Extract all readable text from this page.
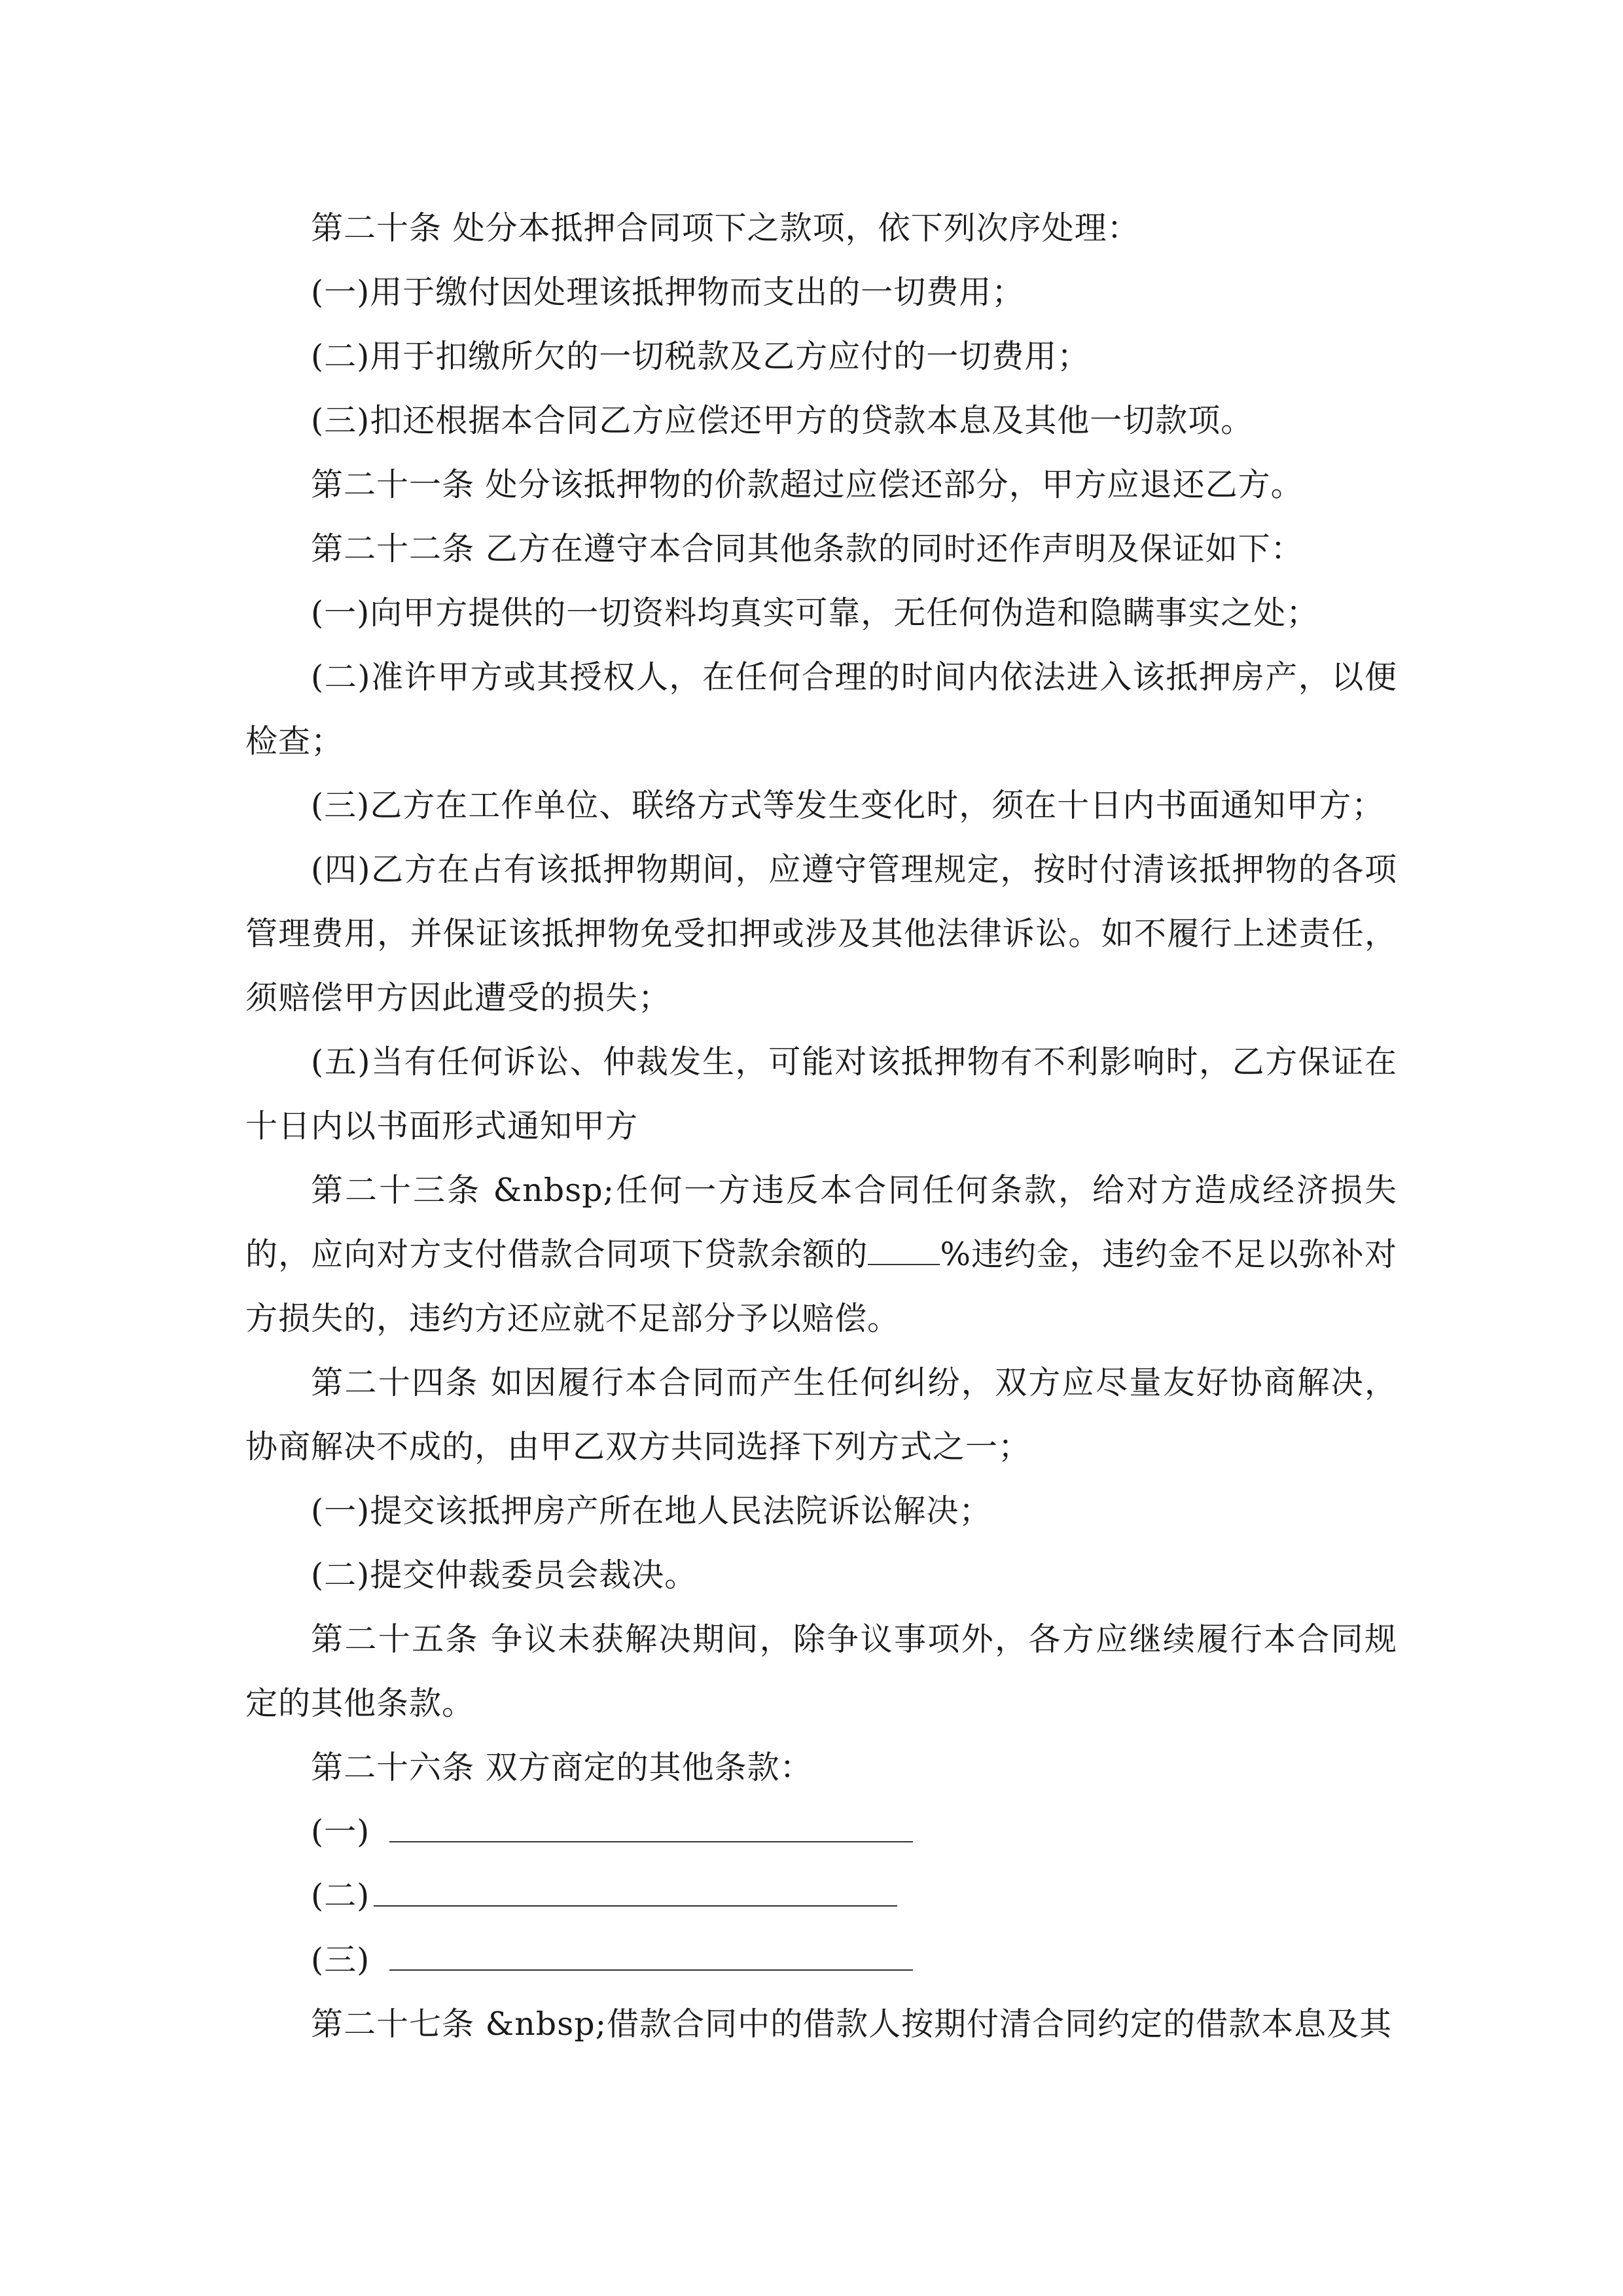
第二十条 处分本抵押合同项下之款项，依下列次序处理：

(一)用于缴付因处理该抵押物而支出的一切费用；

(二)用于扣缴所欠的一切税款及乙方应付的一切费用；

(三)扣还根据本合同乙方应偿还甲方的贷款本息及其他一切款项。

第二十一条 处分该抵押物的价款超过应偿还部分，甲方应退还乙方。

第二十二条 乙方在遵守本合同其他条款的同时还作声明及保证如下：

(一)向甲方提供的一切资料均真实可靠，无任何伪造和隐瞒事实之处；

(二)准许甲方或其授权人，在任何合理的时间内依法进入该抵押房产，以便检查；

(三)乙方在工作单位、联络方式等发生变化时，须在十日内书面通知甲方；

(四)乙方在占有该抵押物期间，应遵守管理规定，按时付清该抵押物的各项管理费用，并保证该抵押物免受扣押或涉及其他法律诉讼。如不履行上述责任，须赔偿甲方因此遭受的损失；

(五)当有任何诉讼、仲裁发生，可能对该抵押物有不利影响时，乙方保证在十日内以书面形式通知甲方

第二十三条 &nbsp;任何一方违反本合同任何条款，给对方造成经济损失的，应向对方支付借款合同项下贷款余额的 %违约金，违约金不足以弥补对方损失的，违约方还应就不足部分予以赔偿。

第二十四条 如因履行本合同而产生任何纠纷，双方应尽量友好协商解决，协商解决不成的，由甲乙双方共同选择下列方式之一；

(一)提交该抵押房产所在地人民法院诉讼解决；

(二)提交仲裁委员会裁决。

第二十五条 争议未获解决期间，除争议事项外，各方应继续履行本合同规定的其他条款。

第二十六条 双方商定的其他条款：

(一)

(二)

(三)

第二十七条 &nbsp;借款合同中的借款人按期付清合同约定的借款本息及其
